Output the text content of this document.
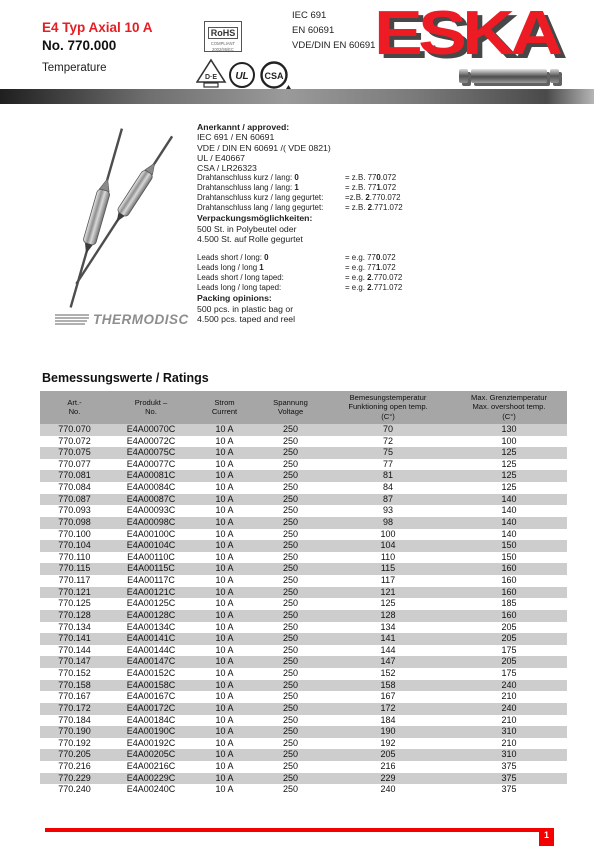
E4 Typ Axial 10 A
No. 770.000
Temperature
RoHS
COMPLIANT
2002/95/EC
D·E UL CSA
IEC 691
EN 60691
VDE/DIN EN 60691
ESKA
THERMODISC
Anerkannt / approved:
IEC 691 / EN 60691
VDE / DIN EN 60691 /( VDE 0821)
UL / E40667
CSA / LR26323
Drahtanschluss kurz / lang: 0	= z.B. 770.072
Drahtanschluss lang / lang: 1	= z.B. 771.072
Drahtanschluss kurz / lang gegurtet:	=z.B. 2.770.072
Drahtanschluss lang / lang gegurtet:	= z.B. 2.771.072
Verpackungsmöglichkeiten:
500 St. in Polybeutel oder
4.500 St. auf Rolle gegurtet
Leads short / long: 0	= e.g. 770.072
Leads long / long 1	= e.g. 771.072
Leads short / long taped:	= e.g. 2.770.072
Leads long / long taped:	= e.g. 2.771.072
Packing opinions:
500 pcs. in plastic bag or
4.500 pcs. taped and reel
Bemessungswerte / Ratings
Art.-
No.

Produkt –
No.

Strom
Current

Spannung
Voltage

Bemesungstemperatur
Funktioning open temp.
(C°)

Max. Grenztemperatur
Max. overshoot temp.
(C°)

770.070	E4A00070C	10 A	250	70	130
770.072	E4A00072C	10 A	250	72	100
770.075	E4A00075C	10 A	250	75	125
770.077	E4A00077C	10 A	250	77	125
770.081	E4A00081C	10 A	250	81	125
770.084	E4A00084C	10 A	250	84	125
770.087	E4A00087C	10 A	250	87	140
770.093	E4A00093C	10 A	250	93	140
770.098	E4A00098C	10 A	250	98	140
770.100	E4A00100C	10 A	250	100	140
770.104	E4A00104C	10 A	250	104	150
770.110	E4A00110C	10 A	250	110	150
770.115	E4A00115C	10 A	250	115	160
770.117	E4A00117C	10 A	250	117	160
770.121	E4A00121C	10 A	250	121	160
770.125	E4A00125C	10 A	250	125	185
770.128	E4A00128C	10 A	250	128	160
770.134	E4A00134C	10 A	250	134	205
770.141	E4A00141C	10 A	250	141	205
770.144	E4A00144C	10 A	250	144	175
770.147	E4A00147C	10 A	250	147	205
770.152	E4A00152C	10 A	250	152	175
770.158	E4A00158C	10 A	250	158	240
770.167	E4A00167C	10 A	250	167	210
770.172	E4A00172C	10 A	250	172	240
770.184	E4A00184C	10 A	250	184	210
770.190	E4A00190C	10 A	250	190	310
770.192	E4A00192C	10 A	250	192	210
770.205	E4A00205C	10 A	250	205	310
770.216	E4A00216C	10 A	250	216	375
770.229	E4A00229C	10 A	250	229	375
770.240	E4A00240C	10 A	250	240	375
1
